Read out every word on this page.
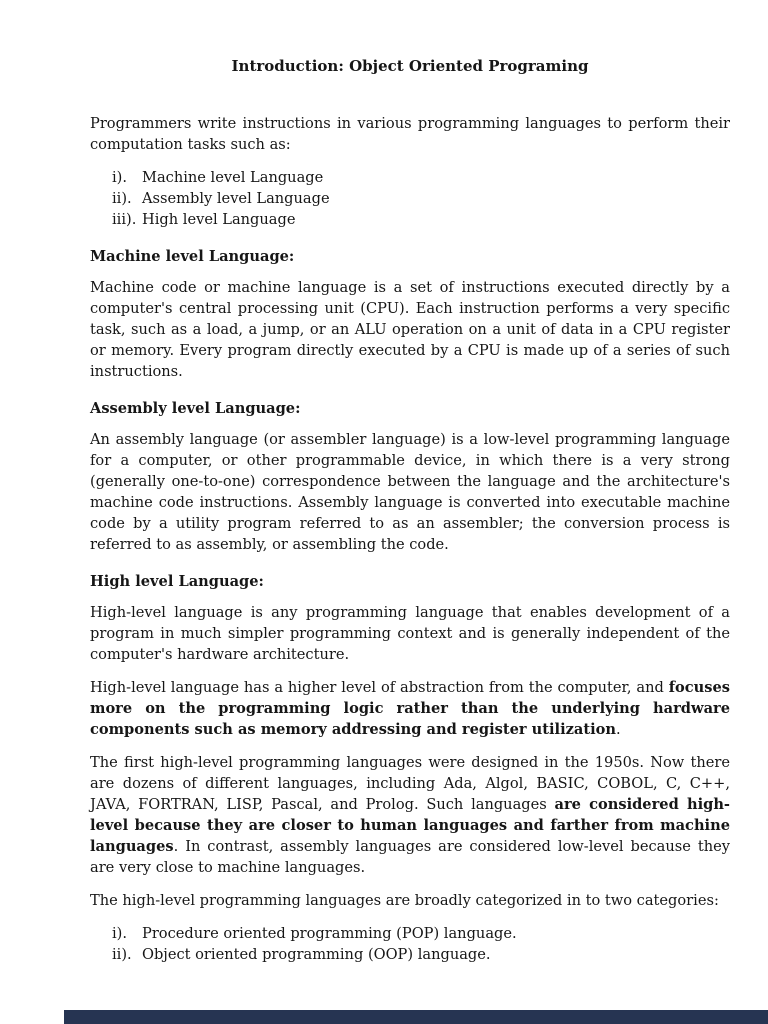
Introduction: Object Oriented Programing

Programmers write instructions in various programming languages to perform their computation tasks such as:

i).	Machine level Language
ii). Assembly level Language
iii). High level Language
Machine level Language:

Machine code or machine language is a set of instructions executed directly by a computer's central processing unit (CPU). Each instruction performs a very specific task, such as a load, a jump, or an ALU operation on a unit of data in a CPU register or memory. Every program directly executed by a CPU is made up of a series of such instructions.

Assembly level Language:

An assembly language (or assembler language) is a low-level programming language for a computer, or other programmable device, in which there is a very strong (generally one-to-one) correspondence between the language and the architecture's machine code instructions. Assembly language is converted into executable machine code by a utility program referred to as an assembler; the conversion process is referred to as assembly, or assembling the code.

High level Language:

High-level language is any programming language that enables development of a program in much simpler programming context and is generally independent of the computer's hardware architecture.

High-level language has a higher level of abstraction from the computer, and focuses more on the programming logic rather than the underlying hardware components such as memory addressing and register utilization.

The first high-level programming languages were designed in the 1950s. Now there are dozens of different languages, including Ada, Algol, BASIC, COBOL, C, C++, JAVA, FORTRAN, LISP, Pascal, and Prolog. Such languages are considered high-level because they are closer to human languages and farther from machine languages. In contrast, assembly languages are considered low-level because they are very close to machine languages.

The high-level programming languages are broadly categorized in to two categories:

i).	Procedure oriented programming (POP) language.
ii). Object oriented programming (OOP) language.
